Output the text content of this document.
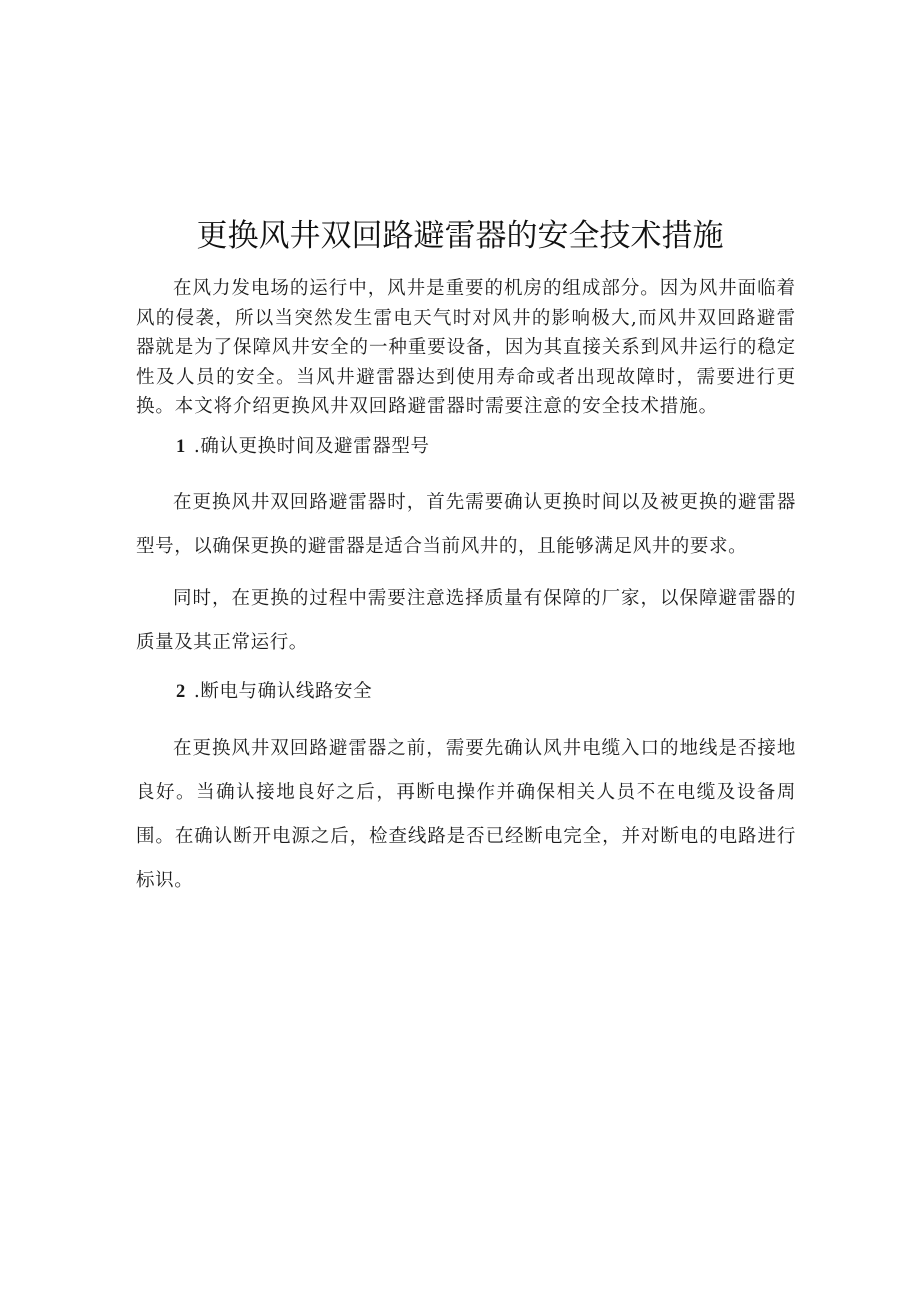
更换风井双回路避雷器的安全技术措施

在风力发电场的运行中，风井是重要的机房的组成部分。因为风井面临着风的侵袭，所以当突然发生雷电天气时对风井的影响极大,而风井双回路避雷器就是为了保障风井安全的一种重要设备，因为其直接关系到风井运行的稳定性及人员的安全。当风井避雷器达到使用寿命或者出现故障时，需要进行更换。本文将介绍更换风井双回路避雷器时需要注意的安全技术措施。

1 .确认更换时间及避雷器型号

在更换风井双回路避雷器时，首先需要确认更换时间以及被更换的避雷器型号，以确保更换的避雷器是适合当前风井的，且能够满足风井的要求。

同时，在更换的过程中需要注意选择质量有保障的厂家，以保障避雷器的质量及其正常运行。

2 .断电与确认线路安全

在更换风井双回路避雷器之前，需要先确认风井电缆入口的地线是否接地良好。当确认接地良好之后，再断电操作并确保相关人员不在电缆及设备周围。在确认断开电源之后，检查线路是否已经断电完全，并对断电的电路进行标识。
